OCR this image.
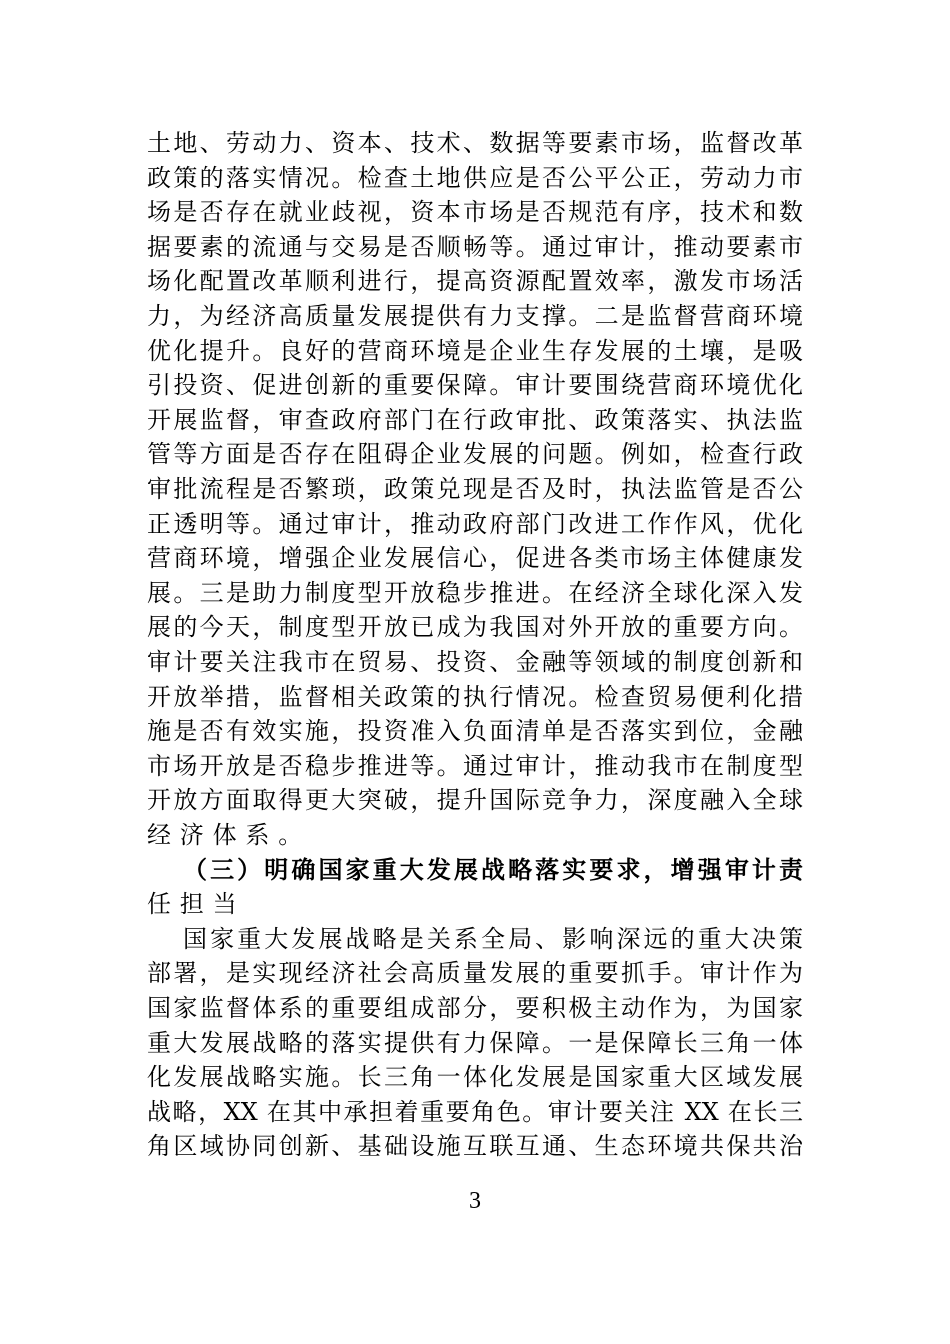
土地、劳动力、资本、技术、数据等要素市场，监督改革
政策的落实情况。检查土地供应是否公平公正，劳动力市
场是否存在就业歧视，资本市场是否规范有序，技术和数
据要素的流通与交易是否顺畅等。通过审计，推动要素市
场化配置改革顺利进行，提高资源配置效率，激发市场活
力，为经济高质量发展提供有力支撑。二是监督营商环境
优化提升。良好的营商环境是企业生存发展的土壤，是吸
引投资、促进创新的重要保障。审计要围绕营商环境优化
开展监督，审查政府部门在行政审批、政策落实、执法监
管等方面是否存在阻碍企业发展的问题。例如，检查行政
审批流程是否繁琐，政策兑现是否及时，执法监管是否公
正透明等。通过审计，推动政府部门改进工作作风，优化
营商环境，增强企业发展信心，促进各类市场主体健康发
展。三是助力制度型开放稳步推进。在经济全球化深入发
展的今天，制度型开放已成为我国对外开放的重要方向。
审计要关注我市在贸易、投资、金融等领域的制度创新和
开放举措，监督相关政策的执行情况。检查贸易便利化措
施是否有效实施，投资准入负面清单是否落实到位，金融
市场开放是否稳步推进等。通过审计，推动我市在制度型
开放方面取得更大突破，提升国际竞争力，深度融入全球
经济体系。
（三）明确国家重大发展战略落实要求，增强审计责
任担当
国家重大发展战略是关系全局、影响深远的重大决策
部署，是实现经济社会高质量发展的重要抓手。审计作为
国家监督体系的重要组成部分，要积极主动作为，为国家
重大发展战略的落实提供有力保障。一是保障长三角一体
化发展战略实施。长三角一体化发展是国家重大区域发展
战略，XX 在其中承担着重要角色。审计要关注 XX 在长三
角区域协同创新、基础设施互联互通、生态环境共保共治
3
